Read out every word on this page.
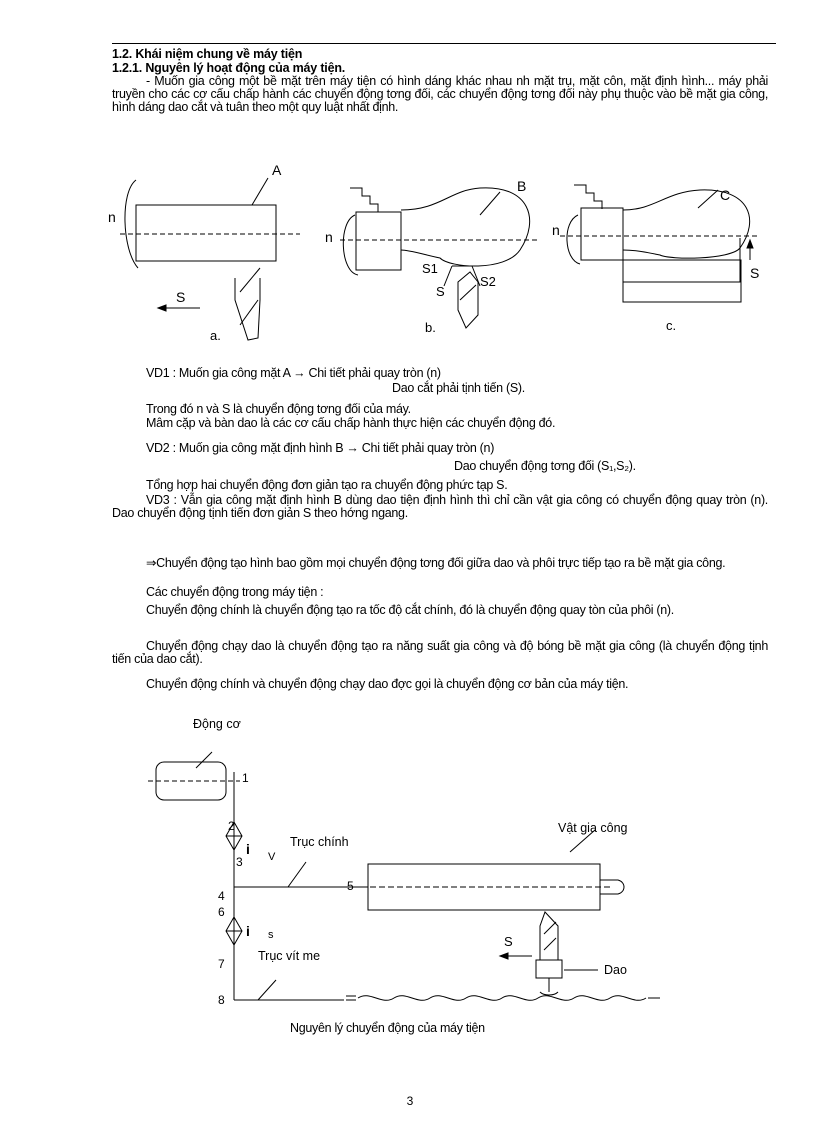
1.2. Khái niệm chung về máy tiện
1.2.1. Nguyên lý hoạt động của máy tiện.
- Muốn gia công một bề mặt trên máy tiện có hình dáng khác nhau nh mặt trụ, mặt côn, mặt định hình... máy phải truyền cho các cơ cấu chấp hành các chuyển động tơng đối, các chuyển động tơng đối này phụ thuộc vào bề mặt gia công, hình dáng dao cắt và tuân theo một quy luật nhất định.
A
n
S
a.
B
n
S1
S
S2
b.
C
n
S
c.
VD1 : Muốn gia công mặt A → Chi tiết phải quay tròn (n)
Dao cắt phải tịnh tiến (S).
Trong đó n và S là chuyển động tơng đối của máy.
Mâm cặp và bàn dao là các cơ cấu chấp hành thực hiện các chuyển động đó.
VD2 : Muốn gia công mặt định hình B → Chi tiết phải quay tròn (n)
Dao chuyển động tơng đối (S₁,S₂).
Tổng hợp hai chuyển động đơn giản tạo ra chuyển động phức tạp S.
VD3 : Vẫn gia công mặt định hình B dùng dao tiện định hình thì chỉ cần vật gia công có chuyển động quay tròn (n). Dao chuyển động tịnh tiến đơn giản S theo hớng ngang.
⇒Chuyển động tạo hình bao gồm mọi chuyển động tơng đối giữa dao và phôi trực tiếp tạo ra bề mặt gia công.
Các chuyển động trong máy tiện :
Chuyển động chính là chuyển động tạo ra tốc độ cắt chính, đó là chuyển động quay tòn của phôi (n).
Chuyển động chạy dao là chuyển động tạo ra năng suất gia công và độ bóng bề mặt gia công (là chuyển động tịnh tiến của dao cắt).
Chuyển động chính và chuyển động chạy dao đợc gọi là chuyển động cơ bản của máy tiện.
Động cơ
1
2
i V
3
Trục chính
4
5
6
Vật gia công
i s
Trục vít me
7
8
S
Dao
Nguyên lý chuyển động của máy tiện
3
